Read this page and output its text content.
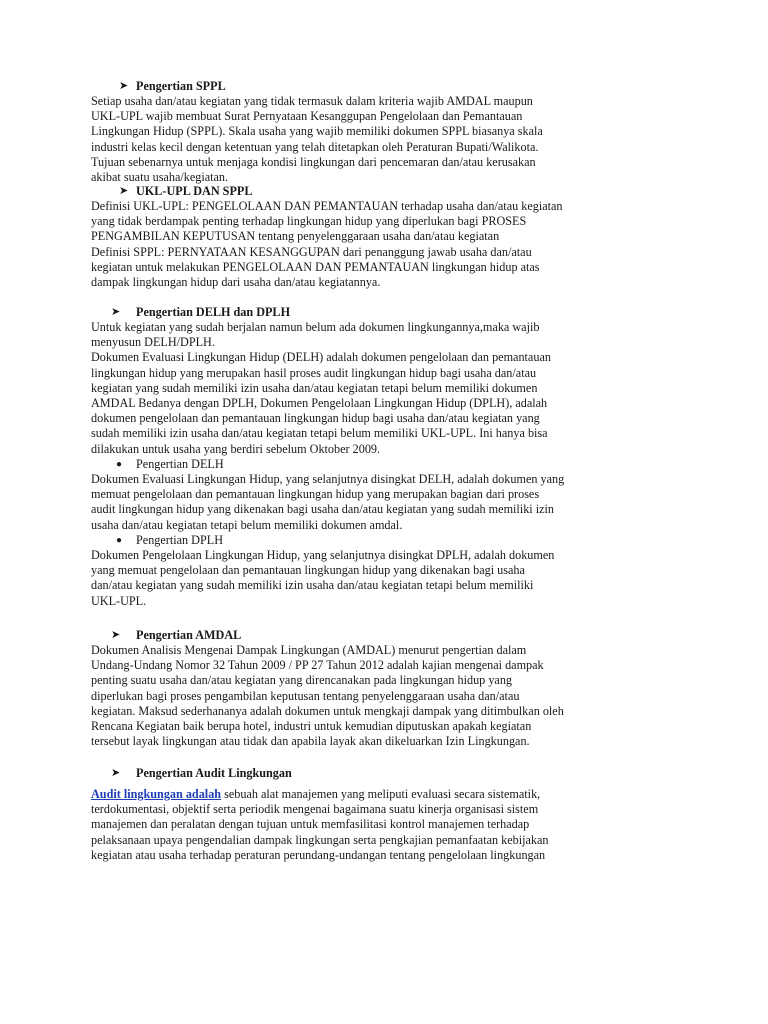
➤ Pengertian SPPL
Setiap usaha dan/atau kegiatan yang tidak termasuk dalam kriteria wajib AMDAL maupun
UKL-UPL wajib membuat Surat Pernyataan Kesanggupan Pengelolaan dan Pemantauan
Lingkungan Hidup (SPPL). Skala usaha yang wajib memiliki dokumen SPPL biasanya skala
industri kelas kecil dengan ketentuan yang telah ditetapkan oleh Peraturan Bupati/Walikota.
Tujuan sebenarnya untuk menjaga kondisi lingkungan dari pencemaran dan/atau kerusakan
akibat suatu usaha/kegiatan.
➤ UKL-UPL DAN SPPL
Definisi UKL-UPL: PENGELOLAAN DAN PEMANTAUAN terhadap usaha dan/atau kegiatan
yang tidak berdampak penting terhadap lingkungan hidup yang diperlukan bagi PROSES
PENGAMBILAN KEPUTUSAN tentang penyelenggaraan usaha dan/atau kegiatan
Definisi SPPL: PERNYATAAN KESANGGUPAN dari penanggung jawab usaha dan/atau
kegiatan untuk melakukan PENGELOLAAN DAN PEMANTAUAN lingkungan hidup atas
dampak lingkungan hidup dari usaha dan/atau kegiatannya.
➤ Pengertian DELH dan DPLH
Untuk kegiatan yang sudah berjalan namun belum ada dokumen lingkungannya,maka wajib
menyusun DELH/DPLH.
Dokumen Evaluasi Lingkungan Hidup (DELH) adalah dokumen pengelolaan dan pemantauan
lingkungan hidup yang merupakan hasil proses audit lingkungan hidup bagi usaha dan/atau
kegiatan yang sudah memiliki izin usaha dan/atau kegiatan tetapi belum memiliki dokumen
AMDAL Bedanya dengan DPLH, Dokumen Pengelolaan Lingkungan Hidup (DPLH), adalah
dokumen pengelolaan dan pemantauan lingkungan hidup bagi usaha dan/atau kegiatan yang
sudah memiliki izin usaha dan/atau kegiatan tetapi belum memiliki UKL-UPL. Ini hanya bisa
dilakukan untuk usaha yang berdiri sebelum Oktober 2009.
● Pengertian DELH
Dokumen Evaluasi Lingkungan Hidup, yang selanjutnya disingkat DELH, adalah dokumen yang
memuat pengelolaan dan pemantauan lingkungan hidup yang merupakan bagian dari proses
audit lingkungan hidup yang dikenakan bagi usaha dan/atau kegiatan yang sudah memiliki izin
usaha dan/atau kegiatan tetapi belum memiliki dokumen amdal.
● Pengertian DPLH
Dokumen Pengelolaan Lingkungan Hidup, yang selanjutnya disingkat DPLH, adalah dokumen
yang memuat pengelolaan dan pemantauan lingkungan hidup yang dikenakan bagi usaha
dan/atau kegiatan yang sudah memiliki izin usaha dan/atau kegiatan tetapi belum memiliki
UKL-UPL.
➤ Pengertian AMDAL
Dokumen Analisis Mengenai Dampak Lingkungan (AMDAL) menurut pengertian dalam
Undang-Undang Nomor 32 Tahun 2009 / PP 27 Tahun 2012 adalah kajian mengenai dampak
penting suatu usaha dan/atau kegiatan yang direncanakan pada lingkungan hidup yang
diperlukan bagi proses pengambilan keputusan tentang penyelenggaraan usaha dan/atau
kegiatan. Maksud sederhananya adalah dokumen untuk mengkaji dampak yang ditimbulkan oleh
Rencana Kegiatan baik berupa hotel, industri untuk kemudian diputuskan apakah kegiatan
tersebut layak lingkungan atau tidak dan apabila layak akan dikeluarkan Izin Lingkungan.
➤ Pengertian Audit Lingkungan
Audit lingkungan adalah sebuah alat manajemen yang meliputi evaluasi secara sistematik,
terdokumentasi, objektif serta periodik mengenai bagaimana suatu kinerja organisasi sistem
manajemen dan peralatan dengan tujuan untuk memfasilitasi kontrol manajemen terhadap
pelaksanaan upaya pengendalian dampak lingkungan serta pengkajian pemanfaatan kebijakan
kegiatan atau usaha terhadap peraturan perundang-undangan tentang pengelolaan lingkungan
